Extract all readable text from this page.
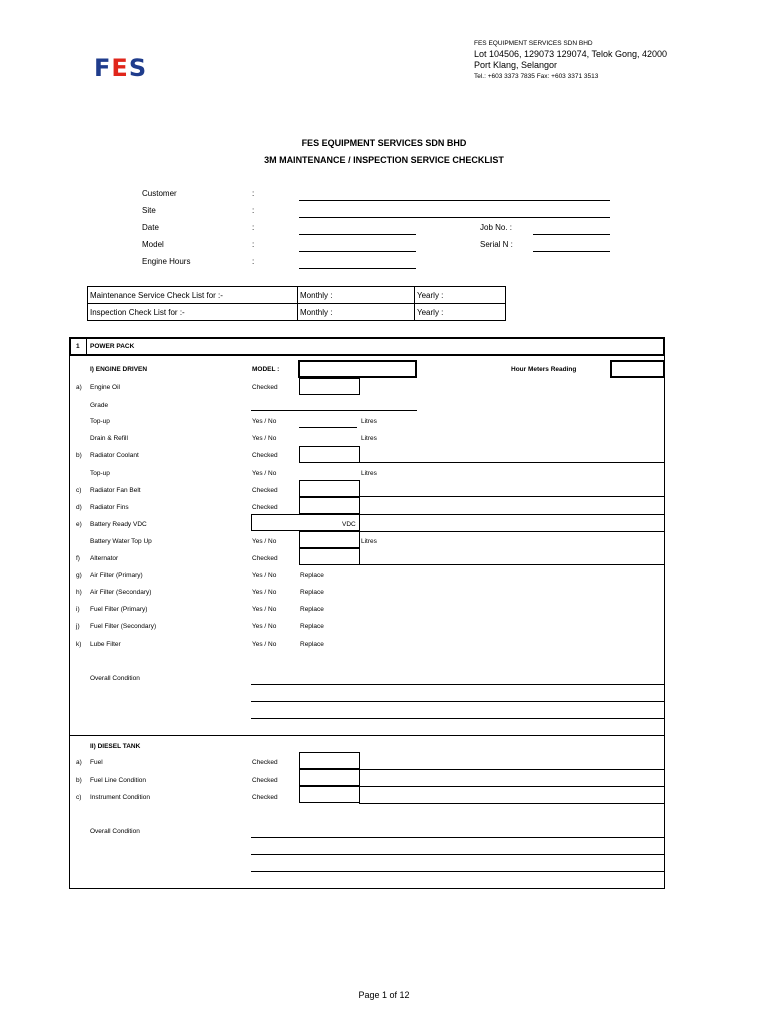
FES
FES EQUIPMENT SERVICES SDN BHD
Lot 104506, 129073 129074, Telok Gong, 42000
Port Klang, Selangor
Tel.: +603 3373 7835 Fax: +603 3371 3513
FES EQUIPMENT SERVICES SDN BHD
3M MAINTENANCE / INSPECTION SERVICE CHECKLIST
Customer	:
Site	:
Date	:	Job No. :
Model	:	Serial N :
Engine Hours	:
Maintenance Service Check List for :-	Monthly :	Yearly :
Inspection Check List for :-	Monthly :	Yearly :
1 POWER PACK
I) ENGINE DRIVEN	MODEL :	Hour Meters Reading
a) Engine Oil	Checked
Grade
Top-up	Yes / No	Litres
Drain & Refill	Yes / No	Litres
b) Radiator Coolant	Checked
Top-up	Yes / No	Litres
c) Radiator Fan Belt	Checked
d) Radiator Fins	Checked
e) Battery Ready VDC	VDC
Battery Water Top Up	Yes / No	Litres
f) Alternator	Checked
g) Air Filter (Primary)	Yes / No	Replace
h) Air Filter (Secondary)	Yes / No	Replace
i) Fuel Filter (Primary)	Yes / No	Replace
j) Fuel Filter (Secondary)	Yes / No	Replace
k) Lube Filter	Yes / No	Replace
Overall Condition
II) DIESEL TANK
a) Fuel	Checked
b) Fuel Line Condition	Checked
c) Instrument Condition	Checked
Overall Condition
Page 1 of 12
